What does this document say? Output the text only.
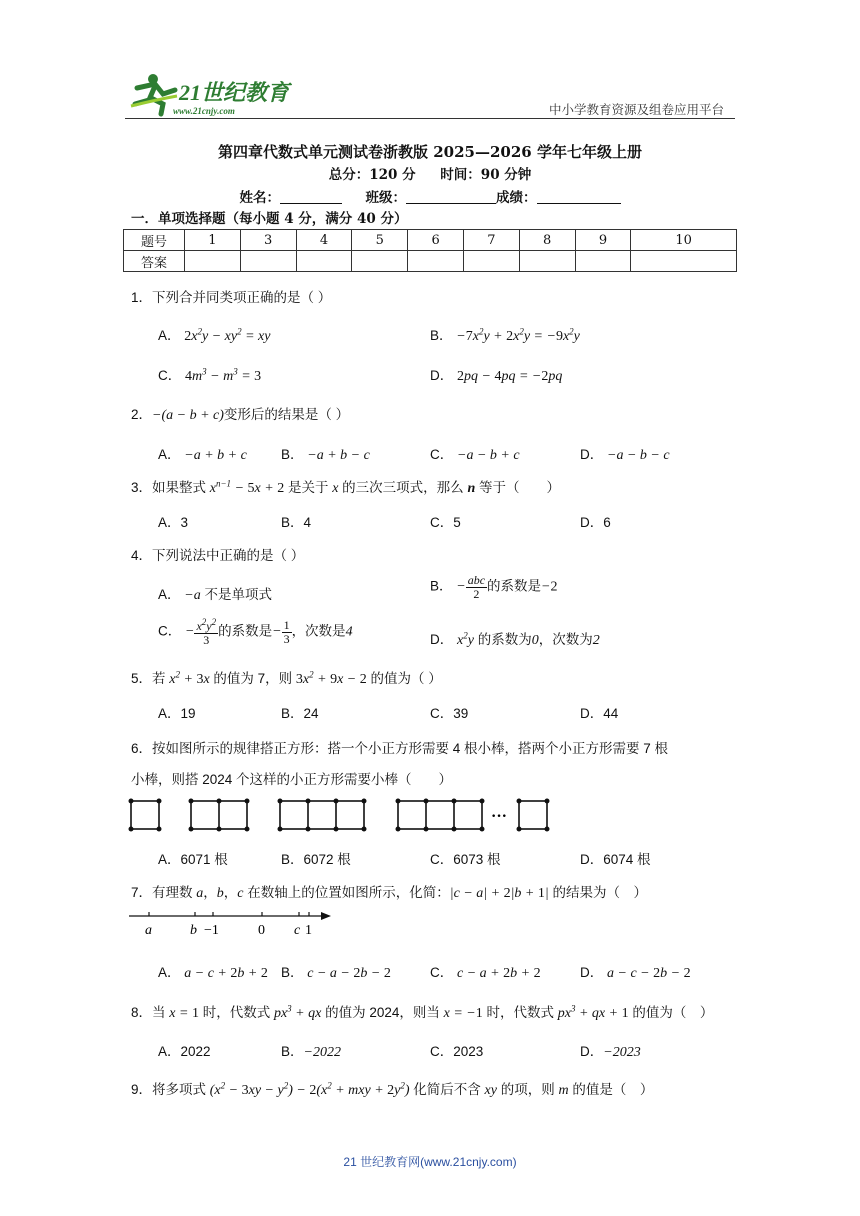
21世纪教育
www.21cnjy.com	中小学教育资源及组卷应用平台
第四章代数式单元测试卷浙教版 2025—2026 学年七年级上册
总分：120 分 时间：90 分钟
姓名：	班级：	成绩：
一．单项选择题（每小题 4 分，满分 40 分）
题号	1	3	4	5	6	7	8	9	10
答案									
1．下列合并同类项正确的是（ ）
A． $2x^2y - xy^2$ = xy	B． $-7x^2y + 2x^2y = -9x^2y$
C． $4m^3 - m^3 = 3$	D． 2pq − 4pq = −2pq
2．−(a − b + c)变形后的结果是（ ）
A． −a + b + c	B． −a + b − c	C． −a − b + c	D． −a − b − c
3．如果整式 $x^{n-1} - 5x + 2$ 是关于 x 的三次三项式，那么 n 等于（　　）
A．3	B．4	C．5	D．6
4．下列说法中正确的是（ ）
A． −a 不是单项式
B． − $\frac{\text{abc}}{2}$ 的系数是−2
C． − $\frac{x^2y^2}{3}$ 的系数是− $\frac{1}{3}$ ，次数是4
D． $x^2y$ 的系数为0，次数为2
5．若 $x^2 + 3x$ 的值为 7，则 $3x^2 + 9x - 2$ 的值为（ ）
A．19	B．24	C．39	D．44
6．按如图所示的规律搭正方形：搭一个小正方形需要 4 根小棒，搭两个小正方形需要 7 根
小棒，则搭 2024 个这样的小正方形需要小棒（　　）
···
A．6071 根	B．6072 根	C．6073 根	D．6074 根
7．有理数 a，b，c 在数轴上的位置如图所示，化简：|c − a| + 2|b + 1| 的结果为（　）
a	b −1	0 c 1
A． a − c + 2b + 2 B． c − a − 2b − 2	C． c − a + 2b + 2	D． a − c − 2b − 2
8．当 x = 1 时，代数式 $px^3$ + qx 的值为 2024，则当 x = −1 时，代数式 $px^3$ + qx + 1 的值为（　）
A．2022	B．−2022	C．2023	D．−2023
9．将多项式 $(x^2 - 3xy - y^2) - 2(x^2$ + mxy + $2y^2$) 化简后不含 xy 的项，则 m 的值是（　）
21 世纪教育网(www.21cnjy.com)
